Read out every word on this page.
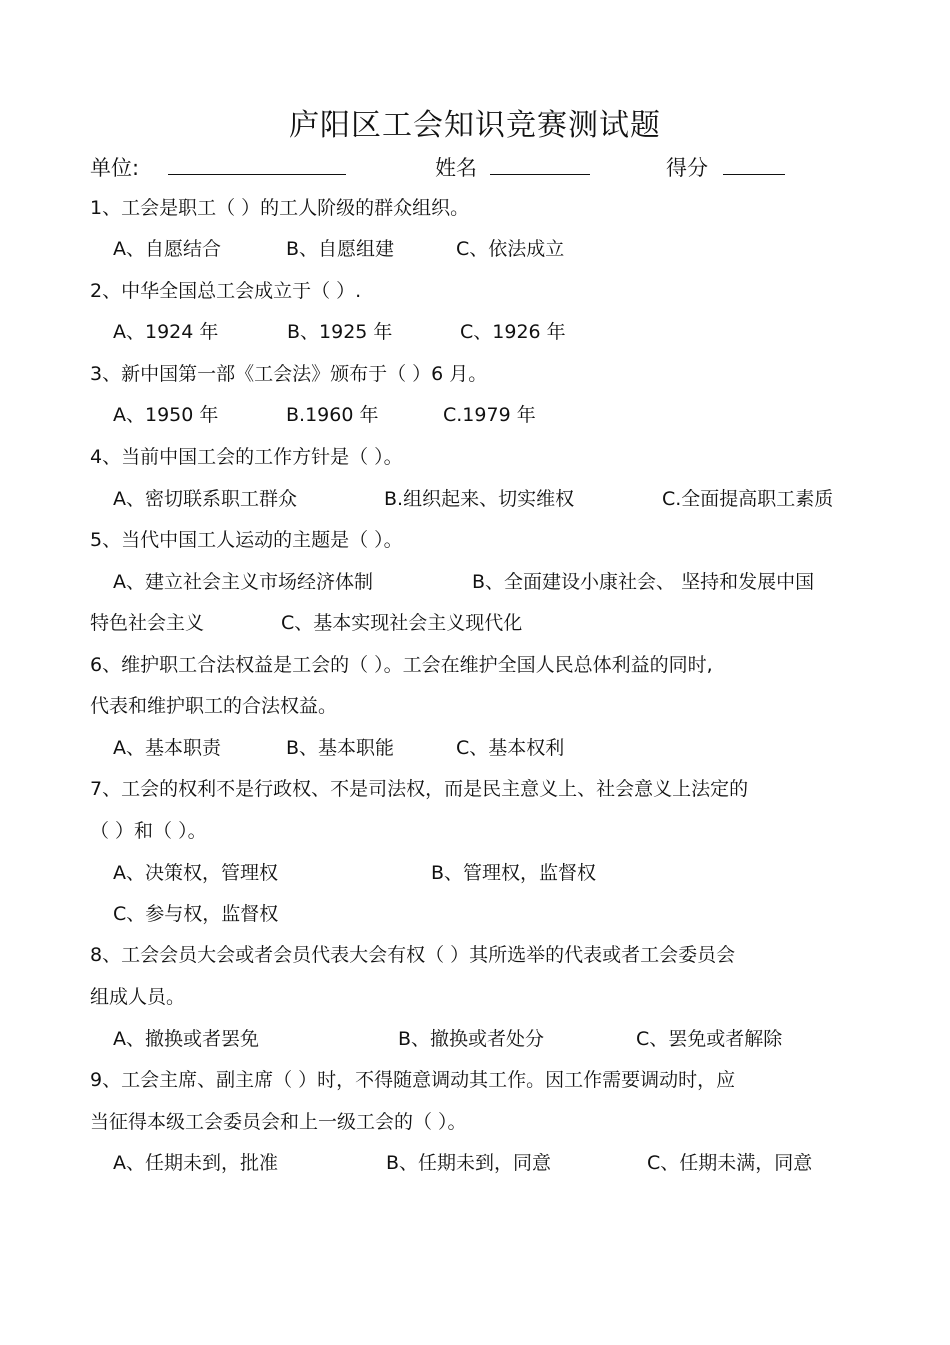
庐阳区工会知识竞赛测试题
单位:	姓名	得分
1、工会是职工（ ）的工人阶级的群众组织。
A、自愿结合	B、自愿组建	C、依法成立
2、中华全国总工会成立于（ ）.
A、1924 年	B、1925 年	C、1926 年
3、新中国第一部《工会法》颁布于（ ）6 月。
A、1950 年	B.1960 年	C.1979 年
4、当前中国工会的工作方针是（ ）。
A、密切联系职工群众	B.组织起来、切实维权	C.全面提高职工素质
5、当代中国工人运动的主题是（ ）。
A、建立社会主义市场经济体制	B、全面建设小康社会、 坚持和发展中国
特色社会主义	C、基本实现社会主义现代化
6、维护职工合法权益是工会的（ ）。工会在维护全国人民总体利益的同时,
代表和维护职工的合法权益。
A、基本职责	B、基本职能	C、基本权利
7、工会的权利不是行政权、不是司法权，而是民主意义上、社会意义上法定的
（ ）和（ ）。
A、决策权，管理权	B、管理权，监督权
C、参与权，监督权
8、工会会员大会或者会员代表大会有权（ ）其所选举的代表或者工会委员会
组成人员。
A、撤换或者罢免	B、撤换或者处分	C、罢免或者解除
9、工会主席、副主席（ ）时，不得随意调动其工作。因工作需要调动时，应
当征得本级工会委员会和上一级工会的（ ）。
A、任期未到，批准	B、任期未到，同意	C、任期未满，同意
